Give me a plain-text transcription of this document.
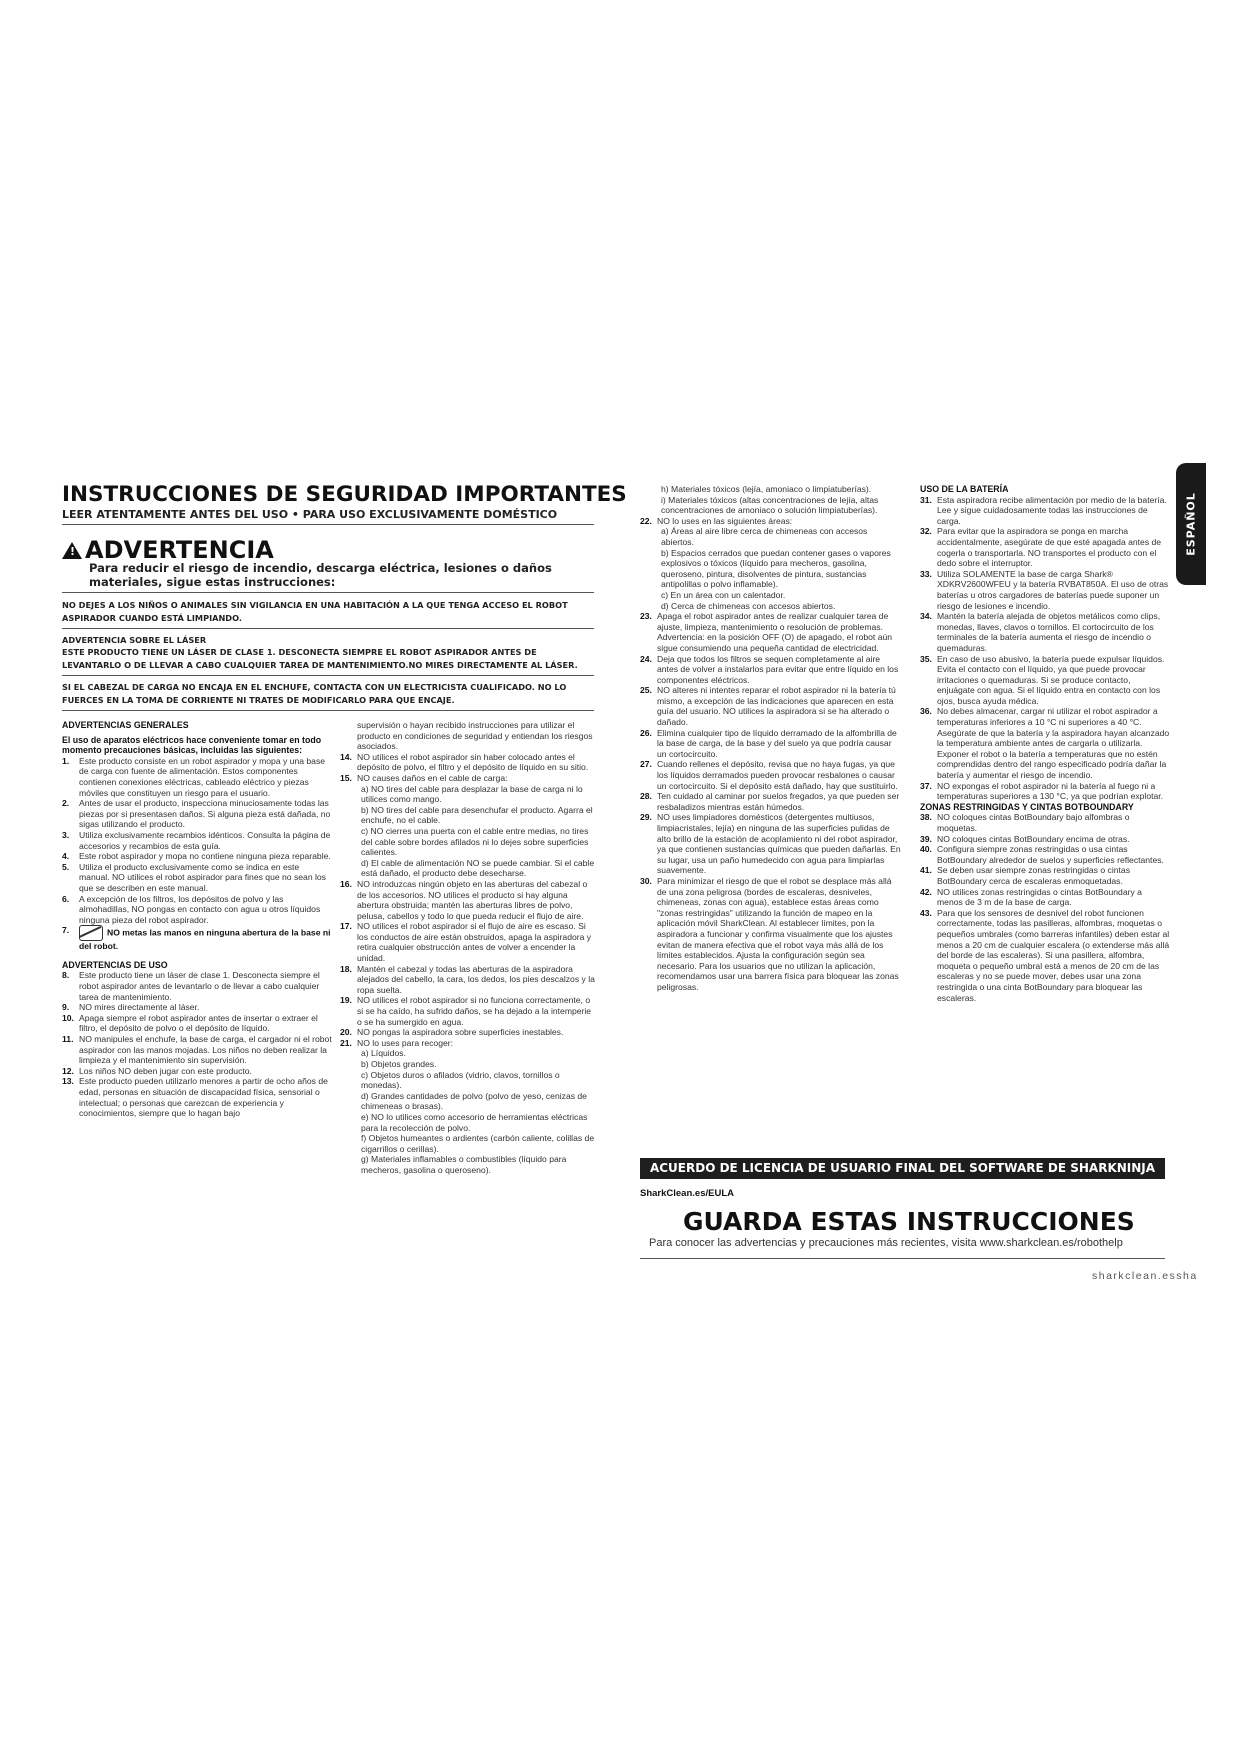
INSTRUCCIONES DE SEGURIDAD IMPORTANTES
LEER ATENTAMENTE ANTES DEL USO • PARA USO EXCLUSIVAMENTE DOMÉSTICO
!
ADVERTENCIA
Para reducir el riesgo de incendio, descarga eléctrica, lesiones o daños materiales, sigue estas instrucciones:
NO DEJES A LOS NIÑOS O ANIMALES SIN VIGILANCIA EN UNA HABITACIÓN A LA QUE TENGA ACCESO EL ROBOT ASPIRADOR CUANDO ESTÁ LIMPIANDO.
ADVERTENCIA SOBRE EL LÁSER
ESTE PRODUCTO TIENE UN LÁSER DE CLASE 1. DESCONECTA SIEMPRE EL ROBOT ASPIRADOR ANTES DE LEVANTARLO O DE LLEVAR A CABO CUALQUIER TAREA DE MANTENIMIENTO.NO MIRES DIRECTAMENTE AL LÁSER.
SI EL CABEZAL DE CARGA NO ENCAJA EN EL ENCHUFE, CONTACTA CON UN ELECTRICISTA CUALIFICADO. NO LO FUERCES EN LA TOMA DE CORRIENTE NI TRATES DE MODIFICARLO PARA QUE ENCAJE.

ADVERTENCIAS GENERALES

El uso de aparatos eléctricos hace conveniente tomar en todo momento precauciones básicas, incluidas las siguientes:

1.	Este producto consiste en un robot aspirador y mopa y una base de carga con fuente de alimentación. Estos componentes contienen conexiones eléctricas, cableado eléctrico y piezas móviles que constituyen un riesgo para el usuario.
2.	Antes de usar el producto, inspecciona minuciosamente todas las piezas por si presentasen daños. Si alguna pieza está dañada, no sigas utilizando el producto.
3.	Utiliza exclusivamente recambios idénticos. Consulta la página de accesorios y recambios de esta guía.
4.	Este robot aspirador y mopa no contiene ninguna pieza reparable.
5.	Utiliza el producto exclusivamente como se indica en este manual. NO utilices el robot aspirador para fines que no sean los que se describen en este manual.
6.	A excepción de los filtros, los depósitos de polvo y las almohadillas, NO pongas en contacto con agua u otros líquidos ninguna pieza del robot aspirador.
7.	NO metas las manos en ninguna abertura de la base ni del robot.

ADVERTENCIAS DE USO

8.	Este producto tiene un láser de clase 1. Desconecta siempre el robot aspirador antes de levantarlo o de llevar a cabo cualquier tarea de mantenimiento.
9.	NO mires directamente al láser.
10. Apaga siempre el robot aspirador antes de insertar o extraer el filtro, el depósito de polvo o el depósito de líquido.
11. NO manipules el enchufe, la base de carga, el cargador ni el robot aspirador con las manos mojadas. Los niños no deben realizar la limpieza y el mantenimiento sin supervisión.
12. Los niños NO deben jugar con este producto.
13. Este producto pueden utilizarlo menores a partir de ocho años de edad, personas en situación de discapacidad física, sensorial o intelectual; o personas que carezcan de experiencia y conocimientos, siempre que lo hagan bajo

supervisión o hayan recibido instrucciones para utilizar el producto en condiciones de seguridad y entiendan los riesgos asociados.

14. NO utilices el robot aspirador sin haber colocado antes el depósito de polvo, el filtro y el depósito de líquido en su sitio.
15. NO causes daños en el cable de carga:

a) NO tires del cable para desplazar la base de carga ni lo utilices como mango.

b) NO tires del cable para desenchufar el producto. Agarra el enchufe, no el cable.

c) NO cierres una puerta con el cable entre medias, no tires del cable sobre bordes afilados ni lo dejes sobre superficies calientes.

d) El cable de alimentación NO se puede cambiar. Si el cable está dañado, el producto debe desecharse.

16. NO introduzcas ningún objeto en las aberturas del cabezal o de los accesorios. NO utilices el producto si hay alguna abertura obstruida; mantén las aberturas libres de polvo, pelusa, cabellos y todo lo que pueda reducir el flujo de aire.
17. NO utilices el robot aspirador si el flujo de aire es escaso. Si los conductos de aire están obstruidos, apaga la aspiradora y retira cualquier obstrucción antes de volver a encender la unidad.
18. Mantén el cabezal y todas las aberturas de la aspiradora alejados del cabello, la cara, los dedos, los pies descalzos y la ropa suelta.
19. NO utilices el robot aspirador si no funciona correctamente, o si se ha caído, ha sufrido daños, se ha dejado a la intemperie o se ha sumergido en agua.
20. NO pongas la aspiradora sobre superficies inestables.
21. NO lo uses para recoger:

a) Líquidos.

b) Objetos grandes.

c) Objetos duros o afilados (vidrio, clavos, tornillos o monedas).

d) Grandes cantidades de polvo (polvo de yeso, cenizas de chimeneas o brasas).

e) NO lo utilices como accesorio de herramientas eléctricas para la recolección de polvo.

f) Objetos humeantes o ardientes (carbón caliente, colillas de cigarrillos o cerillas).

g) Materiales inflamables o combustibles (líquido para mecheros, gasolina o queroseno).

h) Materiales tóxicos (lejía, amoniaco o limpiatuberías).

i) Materiales tóxicos (altas concentraciones de lejía, altas concentraciones de amoniaco o solución limpiatuberías).

22. NO lo uses en las siguientes áreas:

a) Áreas al aire libre cerca de chimeneas con accesos abiertos.

b) Espacios cerrados que puedan contener gases o vapores explosivos o tóxicos (líquido para mecheros, gasolina, queroseno, pintura, disolventes de pintura, sustancias antipolillas o polvo inflamable).

c) En un área con un calentador.

d) Cerca de chimeneas con accesos abiertos.

23. Apaga el robot aspirador antes de realizar cualquier tarea de ajuste, limpieza, mantenimiento o resolución de problemas. Advertencia: en la posición OFF (O) de apagado, el robot aún sigue consumiendo una pequeña cantidad de electricidad.
24. Deja que todos los filtros se sequen completamente al aire antes de volver a instalarlos para evitar que entre líquido en los componentes eléctricos.
25. NO alteres ni intentes reparar el robot aspirador ni la batería tú mismo, a excepción de las indicaciones que aparecen en esta guía del usuario. NO utilices la aspiradora si se ha alterado o dañado.
26. Elimina cualquier tipo de líquido derramado de la alfombrilla de la base de carga, de la base y del suelo ya que podría causar un cortocircuito.
27. Cuando rellenes el depósito, revisa que no haya fugas, ya que los líquidos derramados pueden provocar resbalones o causar un cortocircuito. Si el depósito está dañado, hay que sustituirlo.
28. Ten cuidado al caminar por suelos fregados, ya que pueden ser resbaladizos mientras están húmedos.
29. NO uses limpiadores domésticos (detergentes multiusos, limpiacristales, lejía) en ninguna de las superficies pulidas de alto brillo de la estación de acoplamiento ni del robot aspirador, ya que contienen sustancias químicas que pueden dañarlas. En su lugar, usa un paño humedecido con agua para limpiarlas suavemente.
30. Para minimizar el riesgo de que el robot se desplace más allá de una zona peligrosa (bordes de escaleras, desniveles, chimeneas, zonas con agua), establece estas áreas como "zonas restringidas" utilizando la función de mapeo en la aplicación móvil SharkClean. Al establecer límites, pon la aspiradora a funcionar y confirma visualmente que los ajustes evitan de manera efectiva que el robot vaya más allá de los límites establecidos. Ajusta la configuración según sea necesario. Para los usuarios que no utilizan la aplicación, recomendamos usar una barrera física para bloquear las zonas peligrosas.

USO DE LA BATERÍA

31. Esta aspiradora recibe alimentación por medio de la batería. Lee y sigue cuidadosamente todas las instrucciones de carga.
32. Para evitar que la aspiradora se ponga en marcha accidentalmente, asegúrate de que esté apagada antes de cogerla o transportarla. NO transportes el producto con el dedo sobre el interruptor.
33. Utiliza SOLAMENTE la base de carga Shark® XDKRV2600WFEU y la batería RVBAT850A. El uso de otras baterías u otros cargadores de baterías puede suponer un riesgo de lesiones e incendio.
34. Mantén la batería alejada de objetos metálicos como clips, monedas, llaves, clavos o tornillos. El cortocircuito de los terminales de la batería aumenta el riesgo de incendio o quemaduras.
35. En caso de uso abusivo, la batería puede expulsar líquidos. Evita el contacto con el líquido, ya que puede provocar irritaciones o quemaduras. Si se produce contacto, enjuágate con agua. Si el líquido entra en contacto con los ojos, busca ayuda médica.
36. No debes almacenar, cargar ni utilizar el robot aspirador a temperaturas inferiores a 10 °C ni superiores a 40 °C. Asegúrate de que la batería y la aspiradora hayan alcanzado la temperatura ambiente antes de cargarla o utilizarla. Exponer el robot o la batería a temperaturas que no estén comprendidas dentro del rango especificado podría dañar la batería y aumentar el riesgo de incendio.
37. NO expongas el robot aspirador ni la batería al fuego ni a temperaturas superiores a 130 °C, ya que podrían explotar.

ZONAS RESTRINGIDAS Y CINTAS BOTBOUNDARY

38. NO coloques cintas BotBoundary bajo alfombras o moquetas.
39. NO coloques cintas BotBoundary encima de otras.
40. Configura siempre zonas restringidas o usa cintas BotBoundary alrededor de suelos y superficies reflectantes.
41. Se deben usar siempre zonas restringidas o cintas BotBoundary cerca de escaleras enmoquetadas.
42. NO utilices zonas restringidas o cintas BotBoundary a menos de 3 m de la base de carga.
43. Para que los sensores de desnivel del robot funcionen correctamente, todas las pasilleras, alfombras, moquetas o pequeños umbrales (como barreras infantiles) deben estar al menos a 20 cm de cualquier escalera (o extenderse más allá del borde de las escaleras). Si una pasillera, alfombra, moqueta o pequeño umbral está a menos de 20 cm de las escaleras y no se puede mover, debes usar una zona restringida o una cinta BotBoundary para bloquear las escaleras.
ESPAÑOL
ACUERDO DE LICENCIA DE USUARIO FINAL DEL SOFTWARE DE SHARKNINJA
SharkClean.es/EULA
GUARDA ESTAS INSTRUCCIONES
Para conocer las advertencias y precauciones más recientes, visita www.sharkclean.es/robothelp
sharkclean.essha
